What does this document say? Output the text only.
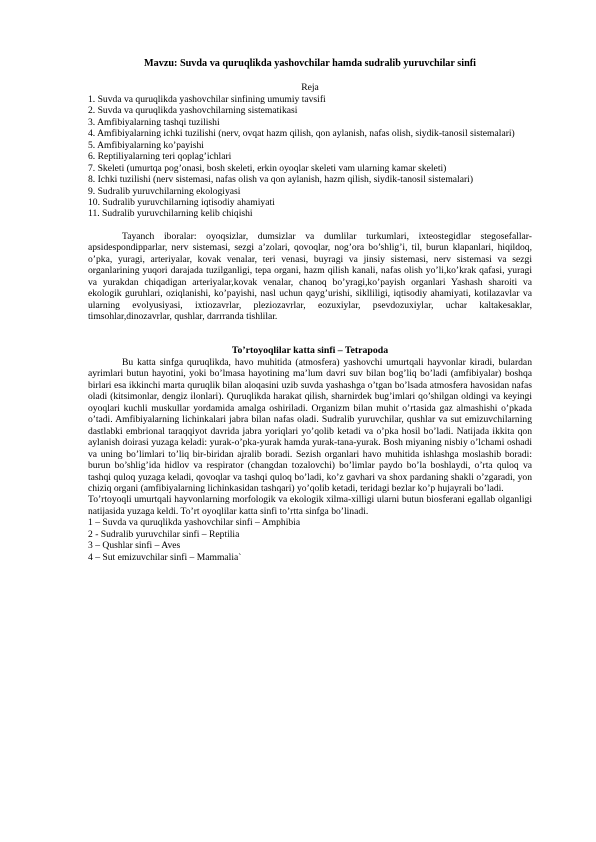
Mavzu: Suvda va quruqlikda yashovchilar hamda sudralib yuruvchilar sinfi
Reja
1. Suvda va quruqlikda yashovchilar sinfining umumiy tavsifi
2. Suvda va quruqlikda yashovchilarning sistematikasi
3. Amfibiyalarning tashqi tuzilishi
4. Amfibiyalarning ichki tuzilishi (nerv, ovqat hazm qilish, qon aylanish, nafas olish, siydik-tanosil sistemalari)
5. Amfibiyalarning ko’payishi
6. Reptiliyalarning teri qoplag’ichlari
7. Skeleti (umurtqa pog’onasi, bosh skeleti, erkin oyoqlar skeleti vam ularning kamar skeleti)
8. Ichki tuzilishi (nerv sistemasi, nafas olish va qon aylanish, hazm qilish, siydik-tanosil sistemalari)
9. Sudralib yuruvchilarning ekologiyasi
10. Sudralib yuruvchilarning iqtisodiy ahamiyati
11. Sudralib yuruvchilarning kelib chiqishi

Tayanch iboralar: oyoqsizlar, dumsizlar va dumlilar turkumlari, ixteostegidlar stegosefallar-apsidespondipparlar, nerv sistemasi, sezgi a’zolari, qovoqlar, nog’ora bo’shlig’i, til, burun klapanlari, hiqildoq, o’pka, yuragi, arteriyalar, kovak venalar, teri venasi, buyragi va jinsiy sistemasi, nerv sistemasi va sezgi organlarining yuqori darajada tuzilganligi, tepa organi, hazm qilish kanali, nafas olish yo’li,ko’krak qafasi, yuragi va yurakdan chiqadigan arteriyalar,kovak venalar, chanoq bo’yragi,ko’payish organlari Yashash sharoiti va ekologik guruhlari, oziqlanishi, ko’payishi, nasl uchun qayg’urishi, siklliligi, iqtisodiy ahamiyati, kotilazavlar va ularning evolyusiyasi, ixtiozavrlar, pleziozavrlar, eozuxiylar, psevdozuxiylar, uchar kaltakesaklar, timsohlar,dinozavrlar, qushlar, darrranda tishlilar.

To’rtoyoqlilar katta sinfi – Tetrapoda

Bu katta sinfga quruqlikda, havo muhitida (atmosfera) yashovchi umurtqali hayvonlar kiradi, bulardan ayrimlari butun hayotini, yoki bo’lmasa hayotining ma’lum davri suv bilan bog’liq bo’ladi (amfibiyalar) boshqa birlari esa ikkinchi marta quruqlik bilan aloqasini uzib suvda yashashga o’tgan bo’lsada atmosfera havosidan nafas oladi (kitsimonlar, dengiz ilonlari). Quruqlikda harakat qilish, sharnirdek bug’imlari qo’shilgan oldingi va keyingi oyoqlari kuchli muskullar yordamida amalga oshiriladi. Organizm bilan muhit o’rtasida gaz almashishi o’pkada o’tadi. Amfibiyalarning lichinkalari jabra bilan nafas oladi. Sudralib yuruvchilar, qushlar va sut emizuvchilarning dastlabki embrional taraqqiyot davrida jabra yoriqlari yo’qolib ketadi va o’pka hosil bo’ladi. Natijada ikkita qon aylanish doirasi yuzaga keladi: yurak-o’pka-yurak hamda yurak-tana-yurak. Bosh miyaning nisbiy o’lchami oshadi va uning bo’limlari to’liq bir-biridan ajralib boradi. Sezish organlari havo muhitida ishlashga moslashib boradi: burun bo’shlig’ida hidlov va respirator (changdan tozalovchi) bo’limlar paydo bo’la boshlaydi, o’rta quloq va tashqi quloq yuzaga keladi, qovoqlar va tashqi quloq bo’ladi, ko’z gavhari va shox pardaning shakli o’zgaradi, yon chiziq organi (amfibiyalarning lichinkasidan tashqari) yo’qolib ketadi, teridagi bezlar ko’p hujayrali bo’ladi.

To’rtoyoqli umurtqali hayvonlarning morfologik va ekologik xilma-xilligi ularni butun biosferani egallab olganligi natijasida yuzaga keldi. To’rt oyoqlilar katta sinfi to’rtta sinfga bo’linadi.

1 – Suvda va quruqlikda yashovchilar sinfi – Amphibia
2 - Sudralib yuruvchilar sinfi – Reptilia
3 – Qushlar sinfi – Aves
4 – Sut emizuvchilar sinfi – Mammalia`
